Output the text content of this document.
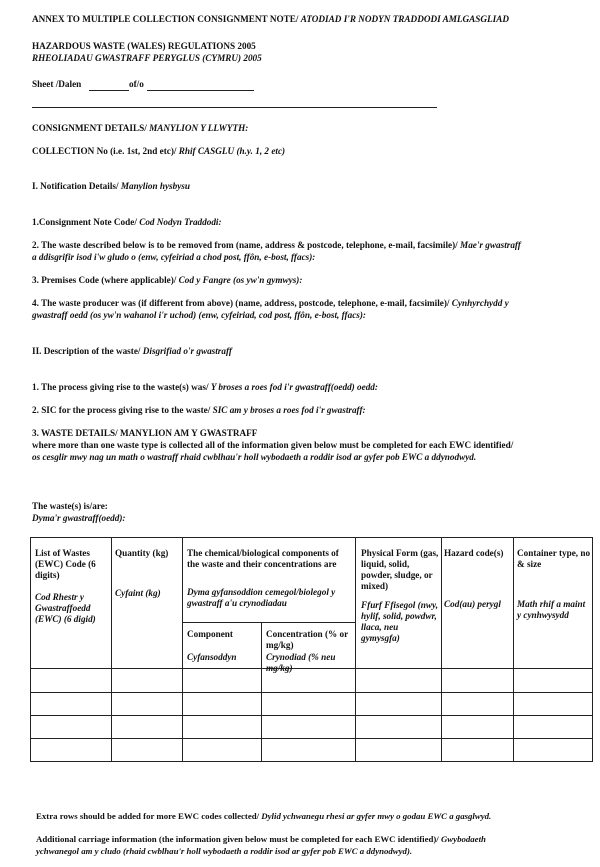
ANNEX TO MULTIPLE COLLECTION CONSIGNMENT NOTE/ ATODIAD I'R NODYN TRADDODI AMLGASGLIAD
HAZARDOUS WASTE (WALES) REGULATIONS 2005
RHEOLIADAU GWASTRAFF PERYGLUS (CYMRU) 2005
Sheet /Dalen	of/o
CONSIGNMENT DETAILS/ MANYLION Y LLWYTH:
COLLECTION No (i.e. 1st, 2nd etc)/ Rhif CASGLU (h.y. 1, 2 etc)
I. Notification Details/ Manylion hysbysu
1.Consignment Note Code/ Cod Nodyn Traddodi:
2. The waste described below is to be removed from (name, address & postcode, telephone, e-mail, facsimile)/ Mae'r gwastraff
a ddisgrifir isod i'w gludo o (enw, cyfeiriad a chod post, ffôn, e-bost, ffacs):
3. Premises Code (where applicable)/ Cod y Fangre (os yw'n gymwys):
4. The waste producer was (if different from above) (name, address, postcode, telephone, e-mail, facsimile)/ Cynhyrchydd y
gwastraff oedd (os yw'n wahanol i'r uchod) (enw, cyfeiriad, cod post, ffôn, e-bost, ffacs):
II. Description of the waste/ Disgrifiad o'r gwastraff
1. The process giving rise to the waste(s) was/ Y broses a roes fod i'r gwastraff(oedd) oedd:
2. SIC for the process giving rise to the waste/ SIC am y broses a roes fod i'r gwastraff:
3. WASTE DETAILS/ MANYLION AM Y GWASTRAFF
where more than one waste type is collected all of the information given below must be completed for each EWC identified/
os cesglir mwy nag un math o wastraff rhaid cwblhau'r holl wybodaeth a roddir isod ar gyfer pob EWC a ddynodwyd.
The waste(s) is/are:
Dyma'r gwastraff(oedd):
List of Wastes (EWC) Code (6 digits)
Cod Rhestr y Gwastraffoedd (EWC) (6 digid)
Quantity (kg)
Cyfaint (kg)
The chemical/biological components of the waste and their concentrations are
Dyma gyfansoddion cemegol/biolegol y gwastraff a'u crynodiadau
Component
Cyfansoddyn
Concentration (% or mg/kg)
Crynodiad (% neu mg/kg)
Physical Form (gas, liquid, solid, powder, sludge, or mixed)
Ffurf Ffisegol (nwy, hylif, solid, powdwr, llaca, neu gymysgfa)
Hazard code(s)
Cod(au) perygl
Container type, no & size
Math rhif a maint y cynhwysydd
Extra rows should be added for more EWC codes collected/ Dylid ychwanegu rhesi ar gyfer mwy o godau EWC a gasglwyd.
Additional carriage information (the information given below must be completed for each EWC identified)/ Gwybodaeth
ychwanegol am y cludo (rhaid cwblhau'r holl wybodaeth a roddir isod ar gyfer pob EWC a ddynodwyd).
